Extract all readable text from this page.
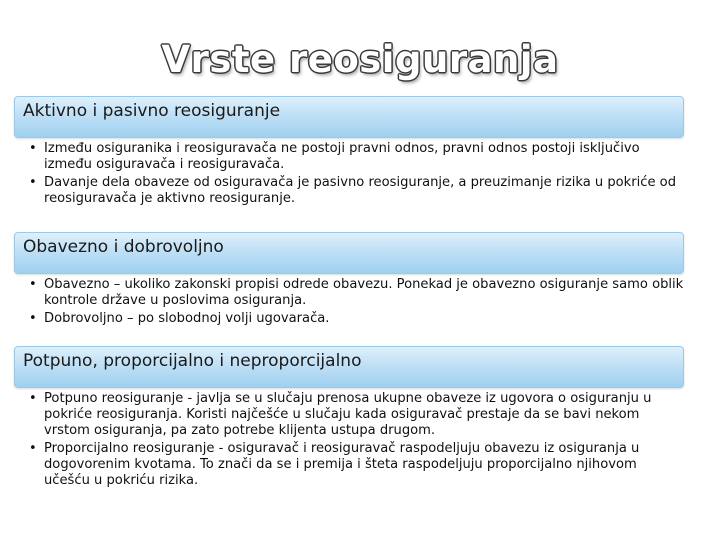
Vrste reosiguranja
Aktivno i pasivno reosiguranje
• Između osiguranika i reosiguravača ne postoji pravni odnos, pravni odnos postoji isključivo između osiguravača i reosiguravača.
• Davanje dela obaveze od osiguravača je pasivno reosiguranje, a preuzimanje rizika u pokriće od reosiguravača je aktivno reosiguranje.
Obavezno i dobrovoljno
• Obavezno – ukoliko zakonski propisi odrede obavezu. Ponekad je obavezno osiguranje samo oblik kontrole države u poslovima osiguranja.
• Dobrovoljno – po slobodnoj volji ugovarača.
Potpuno, proporcijalno i neproporcijalno
• Potpuno reosiguranje - javlja se u slučaju prenosa ukupne obaveze iz ugovora o osiguranju u pokriće reosiguranja. Koristi najčešće u slučaju kada osiguravač prestaje da se bavi nekom vrstom osiguranja, pa zato potrebe klijenta ustupa drugom.
• Proporcijalno reosiguranje - osiguravač i reosiguravač raspodeljuju obavezu iz osiguranja u dogovorenim kvotama. To znači da se i premija i šteta raspodeljuju proporcijalno njihovom učešću u pokriću rizika.
